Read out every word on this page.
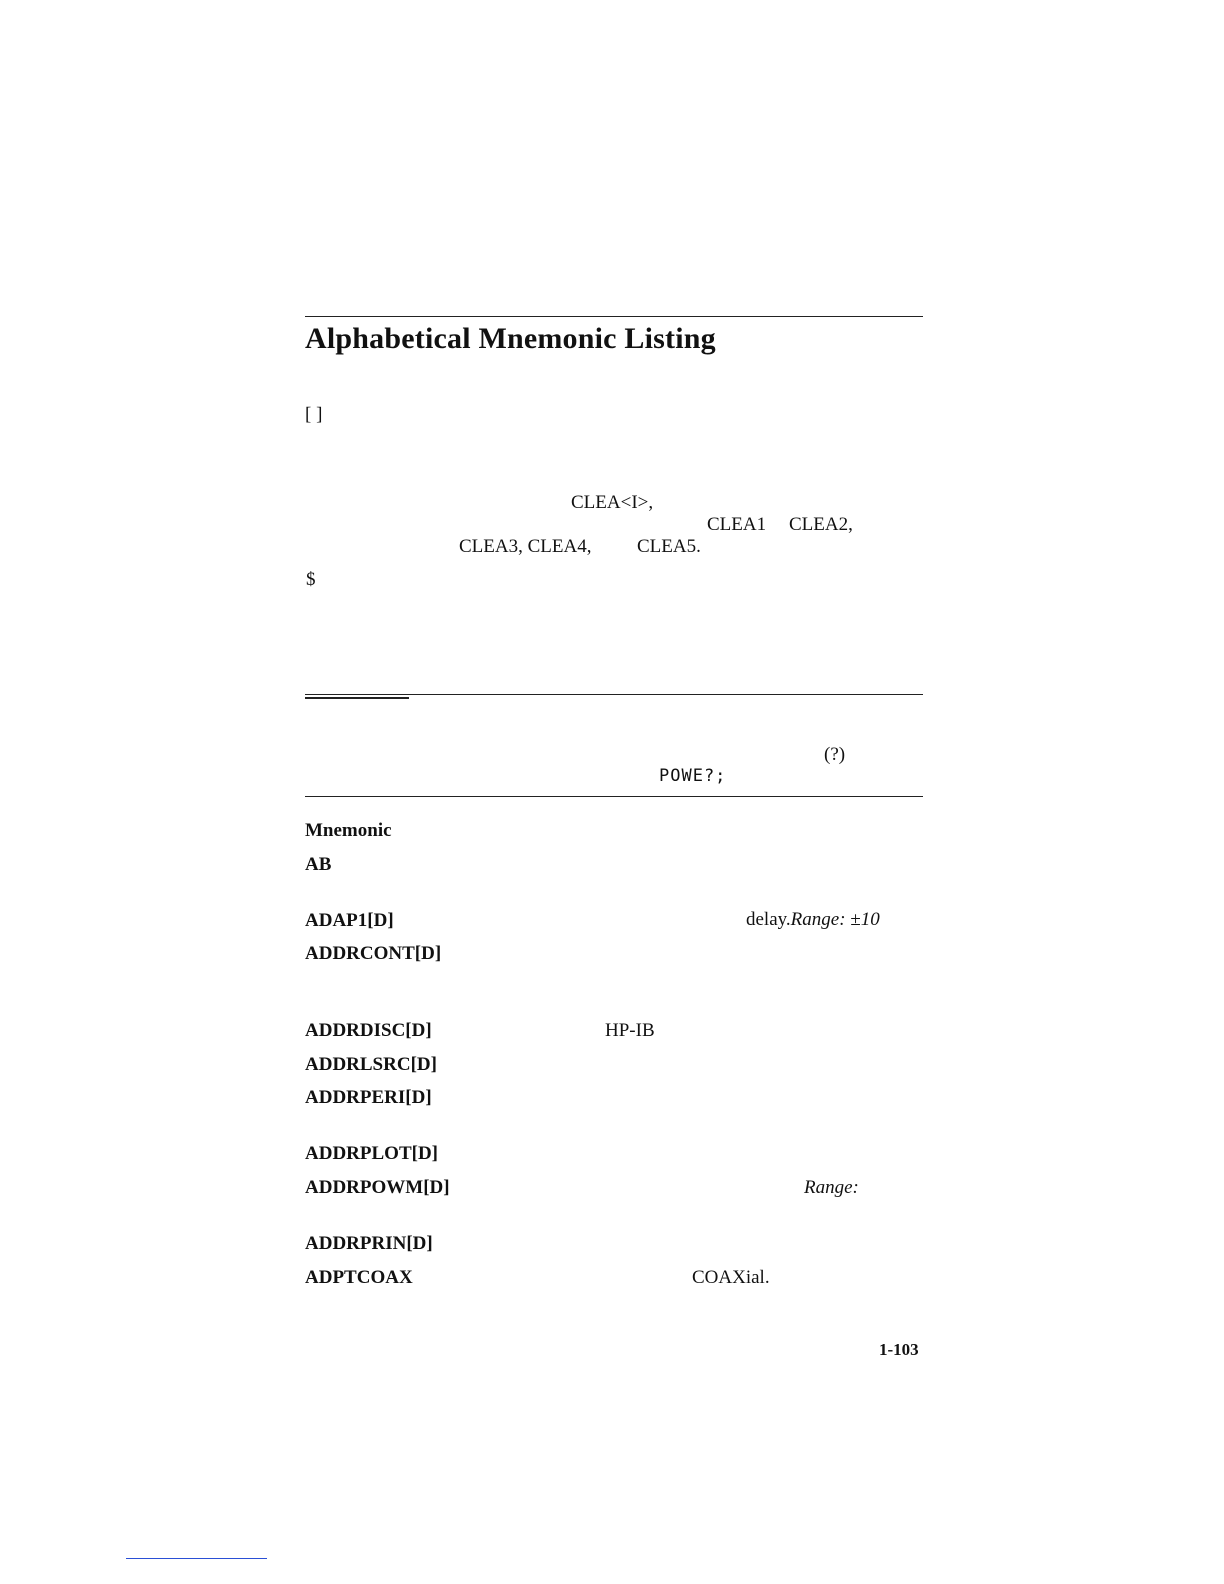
Alphabetical Mnemonic Listing
[ ]
CLEA<I>,
CLEA1 CLEA2,
CLEA3, CLEA4, CLEA5.
$
(?)
POWE?;
Mnemonic
AB
ADAP1[D]	delay.Range: ±10
ADDRCONT[D]
ADDRDISC[D]	HP-IB
ADDRLSRC[D]
ADDRPERI[D]
ADDRPLOT[D]
ADDRPOWM[D]	Range:
ADDRPRIN[D]
ADPTCOAX	COAXial.
1-103
